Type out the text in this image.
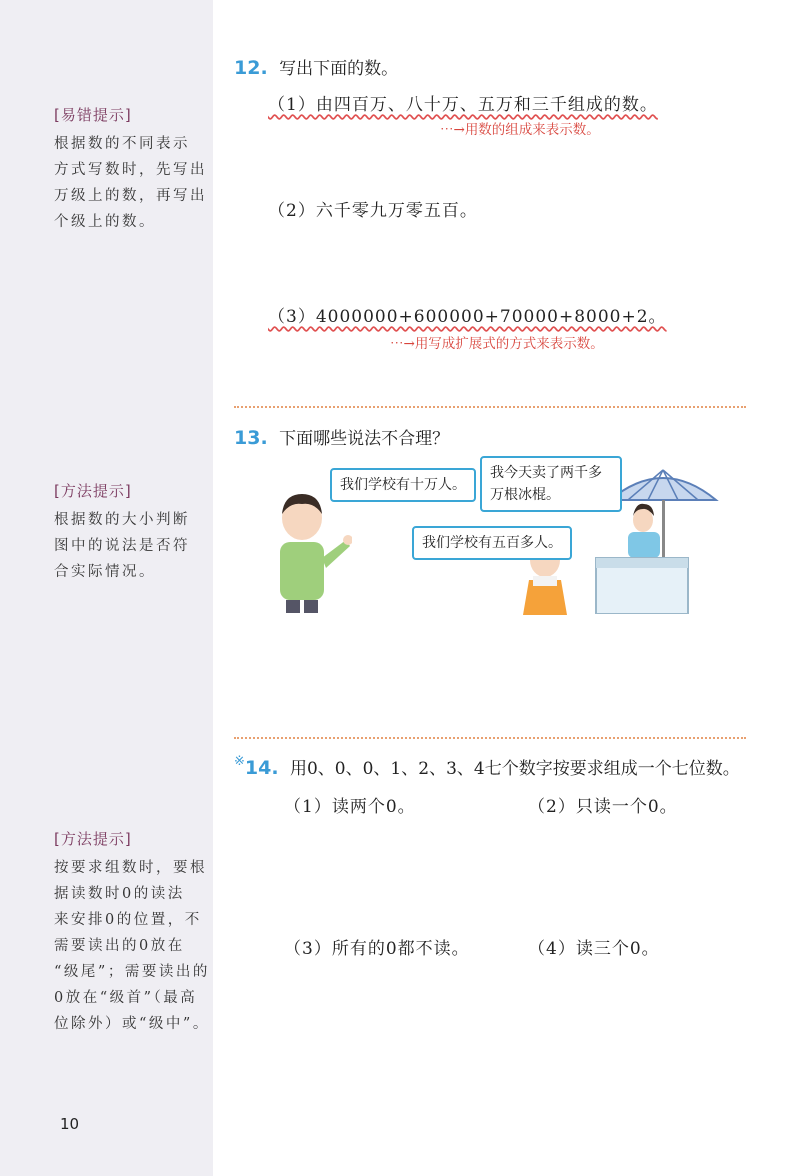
[易错提示]
根据数的不同表示
方式写数时，先写出
万级上的数，再写出
个级上的数。
[方法提示]
根据数的大小判断
图中的说法是否符
合实际情况。
[方法提示]
按要求组数时，要根
据读数时0的读法
来安排0的位置，不
需要读出的0放在
“级尾”；需要读出的
0放在“级首”（最高
位除外）或“级中”。
10
12. 写出下面的数。
（1）由四百万、八十万、五万和三千组成的数。
⋯→用数的组成来表示数。
（2）六千零九万零五百。
（3）4000000+600000+70000+8000+2。
⋯→用写成扩展式的方式来表示数。
13. 下面哪些说法不合理？
我们学校有十万人。
我们学校有五百多人。
我今天卖了两千多万根冰棍。
※14. 用0、0、0、1、2、3、4七个数字按要求组成一个七位数。
（1）读两个0。	（2）只读一个0。
（3）所有的0都不读。	（4）读三个0。
